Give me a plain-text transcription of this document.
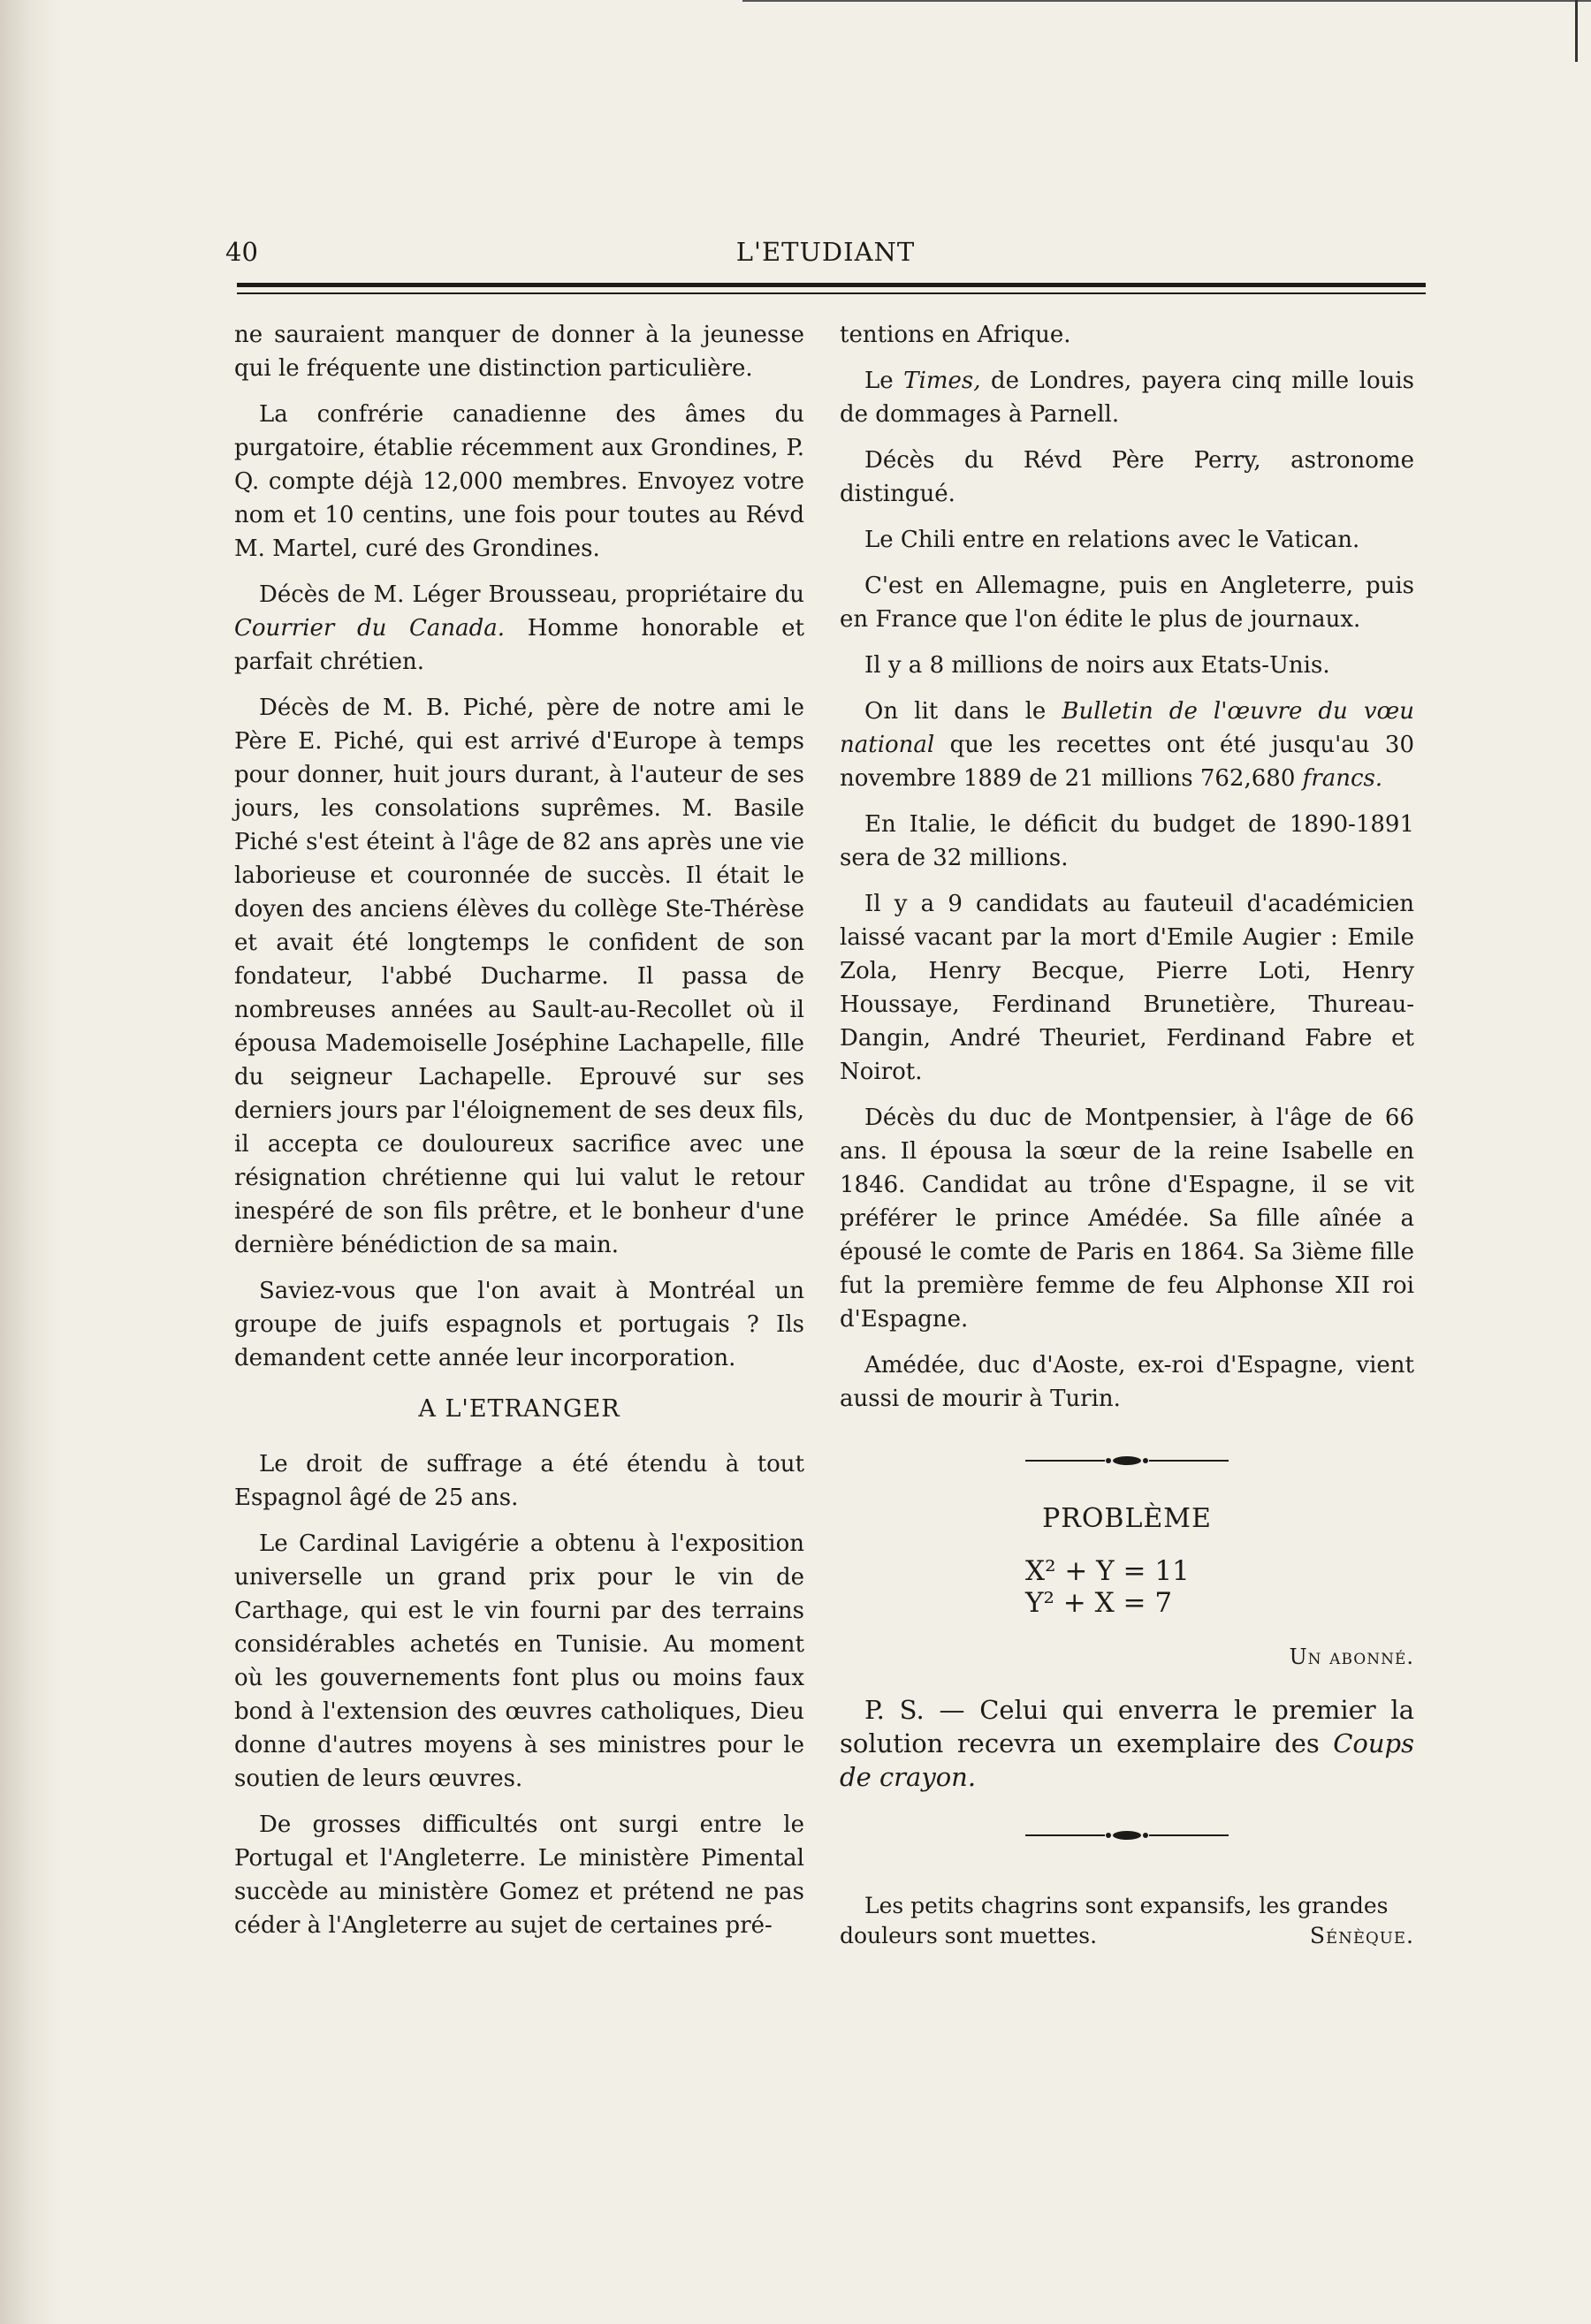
40	L'ETUDIANT

ne sauraient manquer de donner à la jeunesse qui le fréquente une distinction particulière.

La confrérie canadienne des âmes du purgatoire, établie récemment aux Grondines, P. Q. compte déjà 12,000 membres. Envoyez votre nom et 10 centins, une fois pour toutes au Révd M. Martel, curé des Grondines.

Décès de M. Léger Brousseau, propriétaire du Courrier du Canada. Homme honorable et parfait chrétien.

Décès de M. B. Piché, père de notre ami le Père E. Piché, qui est arrivé d'Europe à temps pour donner, huit jours durant, à l'auteur de ses jours, les consolations suprêmes. M. Basile Piché s'est éteint à l'âge de 82 ans après une vie laborieuse et couronnée de succès. Il était le doyen des anciens élèves du collège Ste-Thérèse et avait été longtemps le confident de son fondateur, l'abbé Ducharme. Il passa de nombreuses années au Sault-au-Recollet où il épousa Mademoiselle Joséphine Lachapelle, fille du seigneur Lachapelle. Eprouvé sur ses derniers jours par l'éloignement de ses deux fils, il accepta ce douloureux sacrifice avec une résignation chrétienne qui lui valut le retour inespéré de son fils prêtre, et le bonheur d'une dernière bénédiction de sa main.

Saviez-vous que l'on avait à Montréal un groupe de juifs espagnols et portugais ? Ils demandent cette année leur incorporation.

A L'ETRANGER

Le droit de suffrage a été étendu à tout Espagnol âgé de 25 ans.

Le Cardinal Lavigérie a obtenu à l'exposition universelle un grand prix pour le vin de Carthage, qui est le vin fourni par des terrains considérables achetés en Tunisie. Au moment où les gouvernements font plus ou moins faux bond à l'extension des œuvres catholiques, Dieu donne d'autres moyens à ses ministres pour le soutien de leurs œuvres.

De grosses difficultés ont surgi entre le Portugal et l'Angleterre. Le ministère Pimental succède au ministère Gomez et prétend ne pas céder à l'Angleterre au sujet de certaines pré-

tentions en Afrique.

Le Times, de Londres, payera cinq mille louis de dommages à Parnell.

Décès du Révd Père Perry, astronome distingué.

Le Chili entre en relations avec le Vatican.

C'est en Allemagne, puis en Angleterre, puis en France que l'on édite le plus de journaux.

Il y a 8 millions de noirs aux Etats-Unis.

On lit dans le Bulletin de l'œuvre du vœu national que les recettes ont été jusqu'au 30 novembre 1889 de 21 millions 762,680 francs.

En Italie, le déficit du budget de 1890-1891 sera de 32 millions.

Il y a 9 candidats au fauteuil d'académicien laissé vacant par la mort d'Emile Augier : Emile Zola, Henry Becque, Pierre Loti, Henry Houssaye, Ferdinand Brunetière, Thureau-Dangin, André Theuriet, Ferdinand Fabre et Noirot.

Décès du duc de Montpensier, à l'âge de 66 ans. Il épousa la sœur de la reine Isabelle en 1846. Candidat au trône d'Espagne, il se vit préférer le prince Amédée. Sa fille aînée a épousé le comte de Paris en 1864. Sa 3ième fille fut la première femme de feu Alphonse XII roi d'Espagne.

Amédée, duc d'Aoste, ex-roi d'Espagne, vient aussi de mourir à Turin.

PROBLÈME
X² + Y = 11
Y² + X = 7
Un abonné.

P. S. — Celui qui enverra le premier la solution recevra un exemplaire des Coups de crayon.

Les petits chagrins sont expansifs, les grandes douleurs sont muettes.	Sénèque.
